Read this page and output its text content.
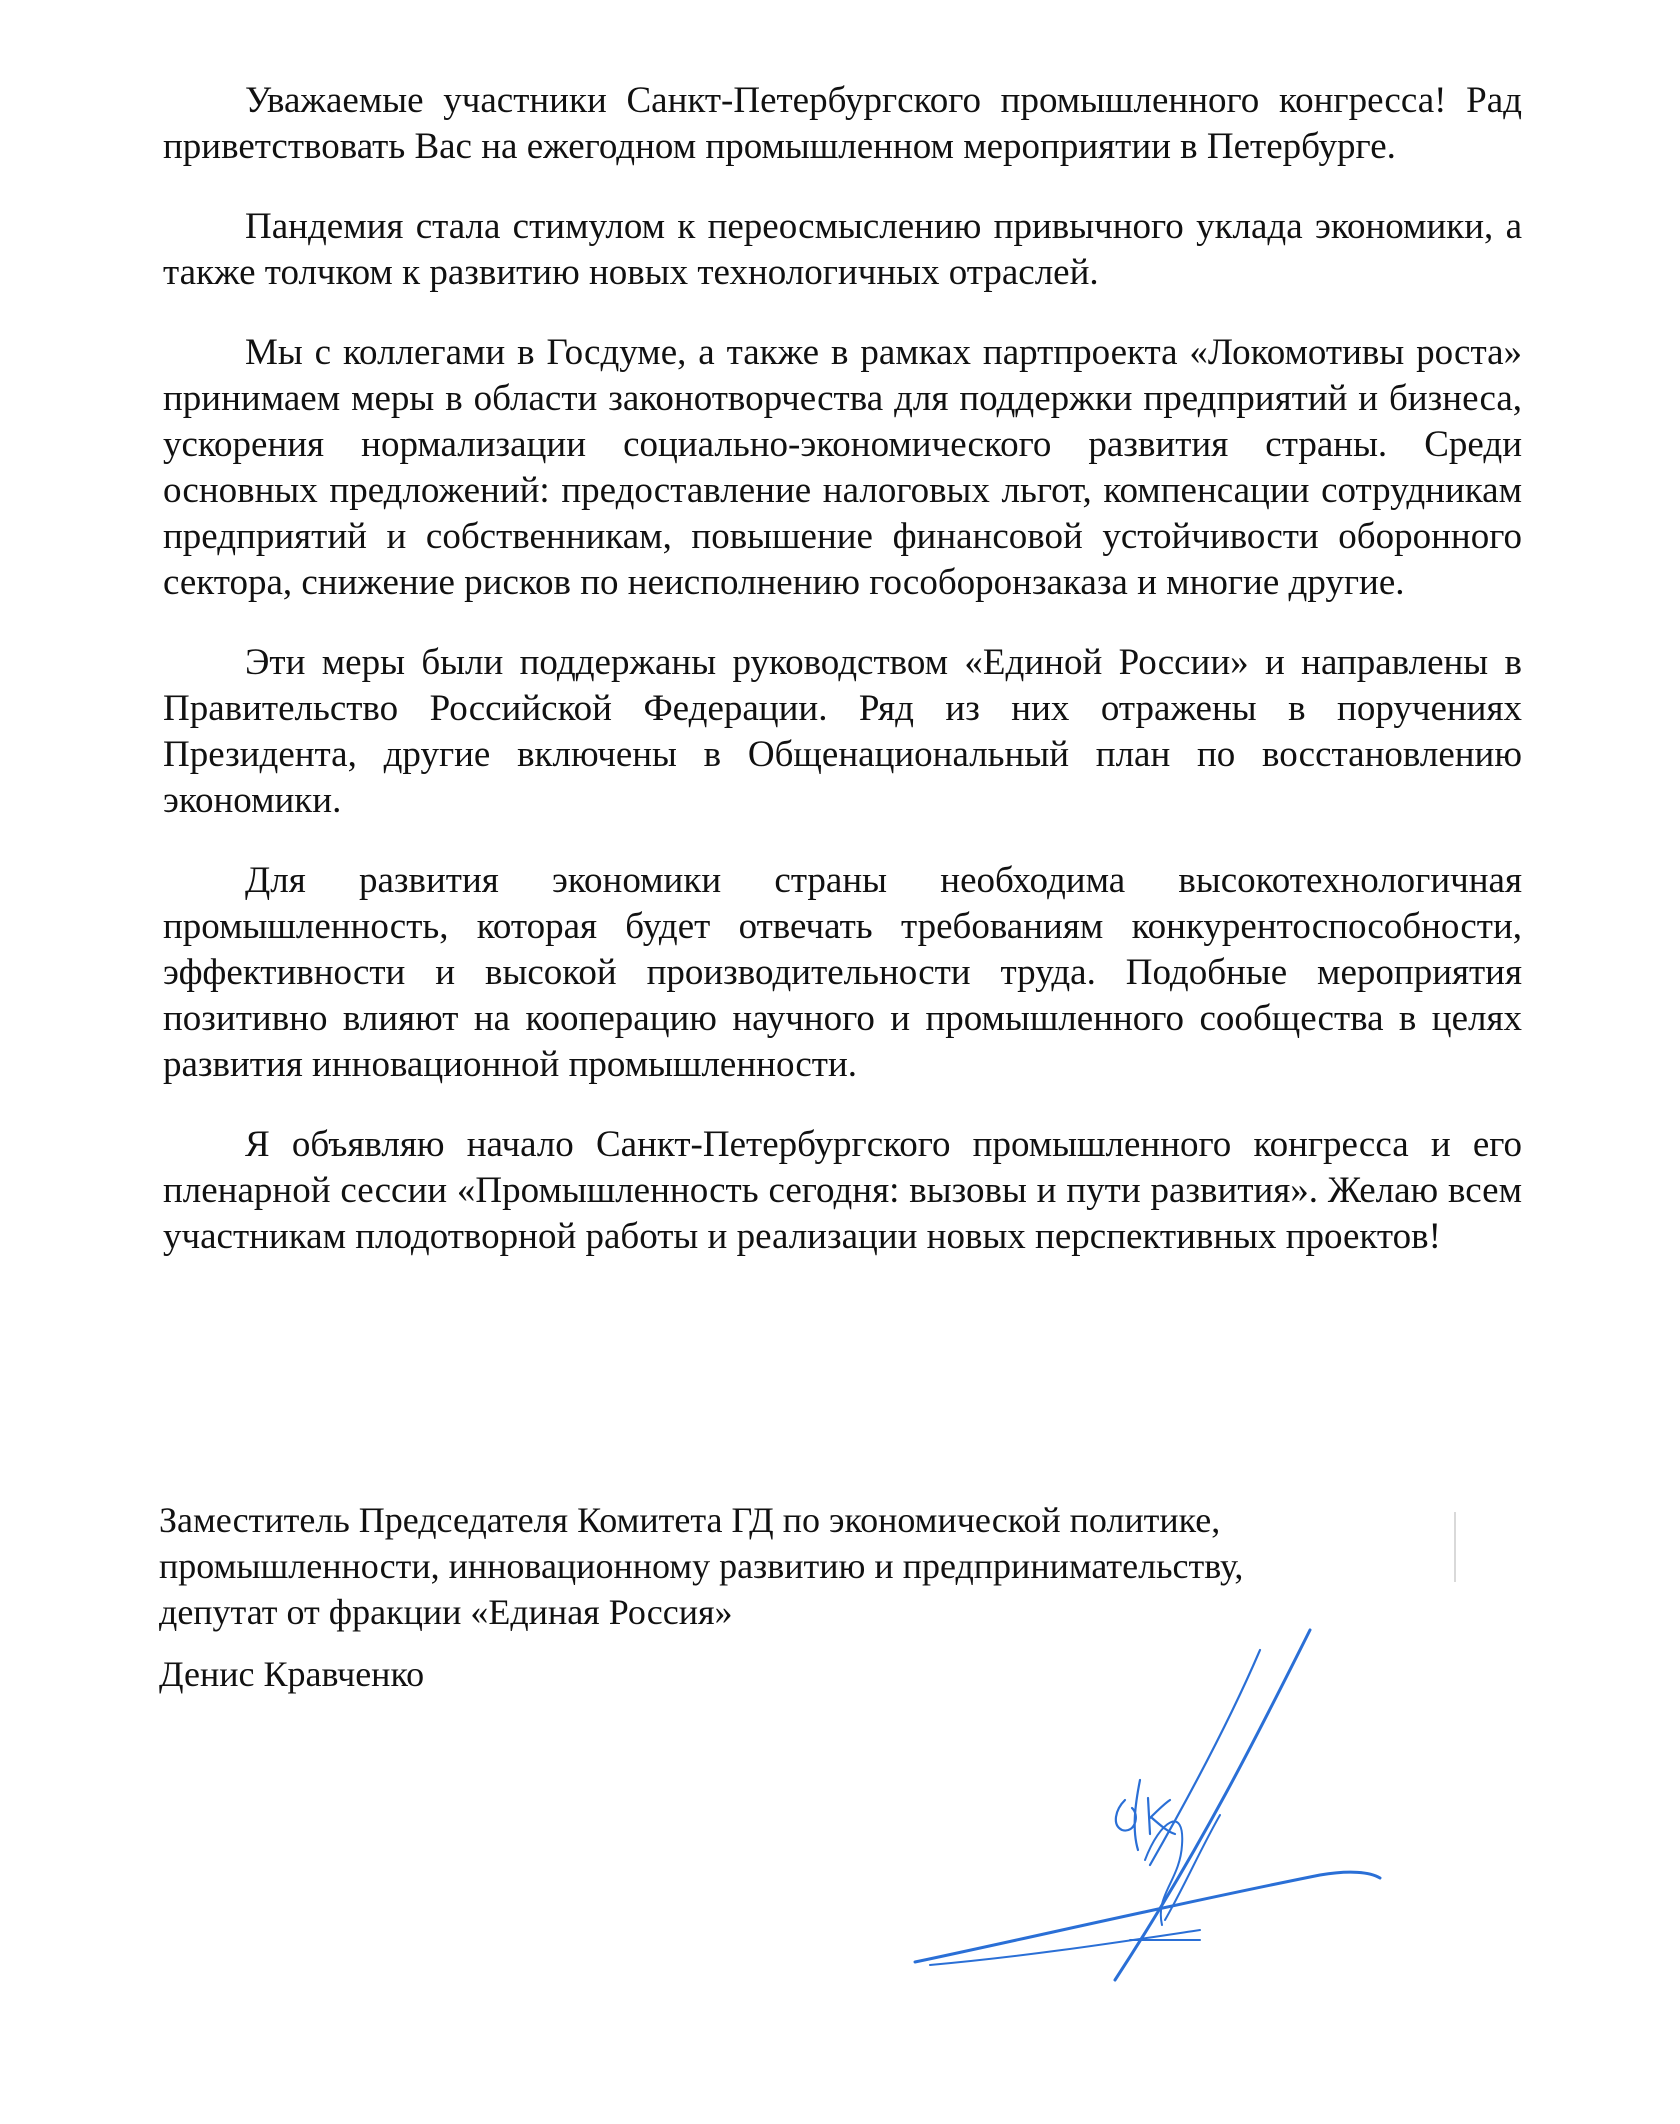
Уважаемые участники Санкт-Петербургского промышленного конгресса! Рад приветствовать Вас на ежегодном промышленном мероприятии в Петербурге.

Пандемия стала стимулом к переосмыслению привычного уклада экономики, а также толчком к развитию новых технологичных отраслей.

Мы с коллегами в Госдуме, а также в рамках партпроекта «Локомотивы роста» принимаем меры в области законотворчества для поддержки предприятий и бизнеса, ускорения нормализации социально-экономического развития страны. Среди основных предложений: предоставление налоговых льгот, компенсации сотрудникам предприятий и собственникам, повышение финансовой устойчивости оборонного сектора, снижение рисков по неисполнению гособоронзаказа и многие другие.

Эти меры были поддержаны руководством «Единой России» и направлены в Правительство Российской Федерации. Ряд из них отражены в поручениях Президента, другие включены в Общенациональный план по восстановлению экономики.

Для развития экономики страны необходима высокотехнологичная промышленность, которая будет отвечать требованиям конкурентоспособности, эффективности и высокой производительности труда. Подобные мероприятия позитивно влияют на кооперацию научного и промышленного сообщества в целях развития инновационной промышленности.

Я объявляю начало Санкт-Петербургского промышленного конгресса и его пленарной сессии «Промышленность сегодня: вызовы и пути развития». Желаю всем участникам плодотворной работы и реализации новых перспективных проектов!

Заместитель Председателя Комитета ГД по экономической политике,

промышленности, инновационному развитию и предпринимательству,

депутат от фракции «Единая Россия»

Денис Кравченко
